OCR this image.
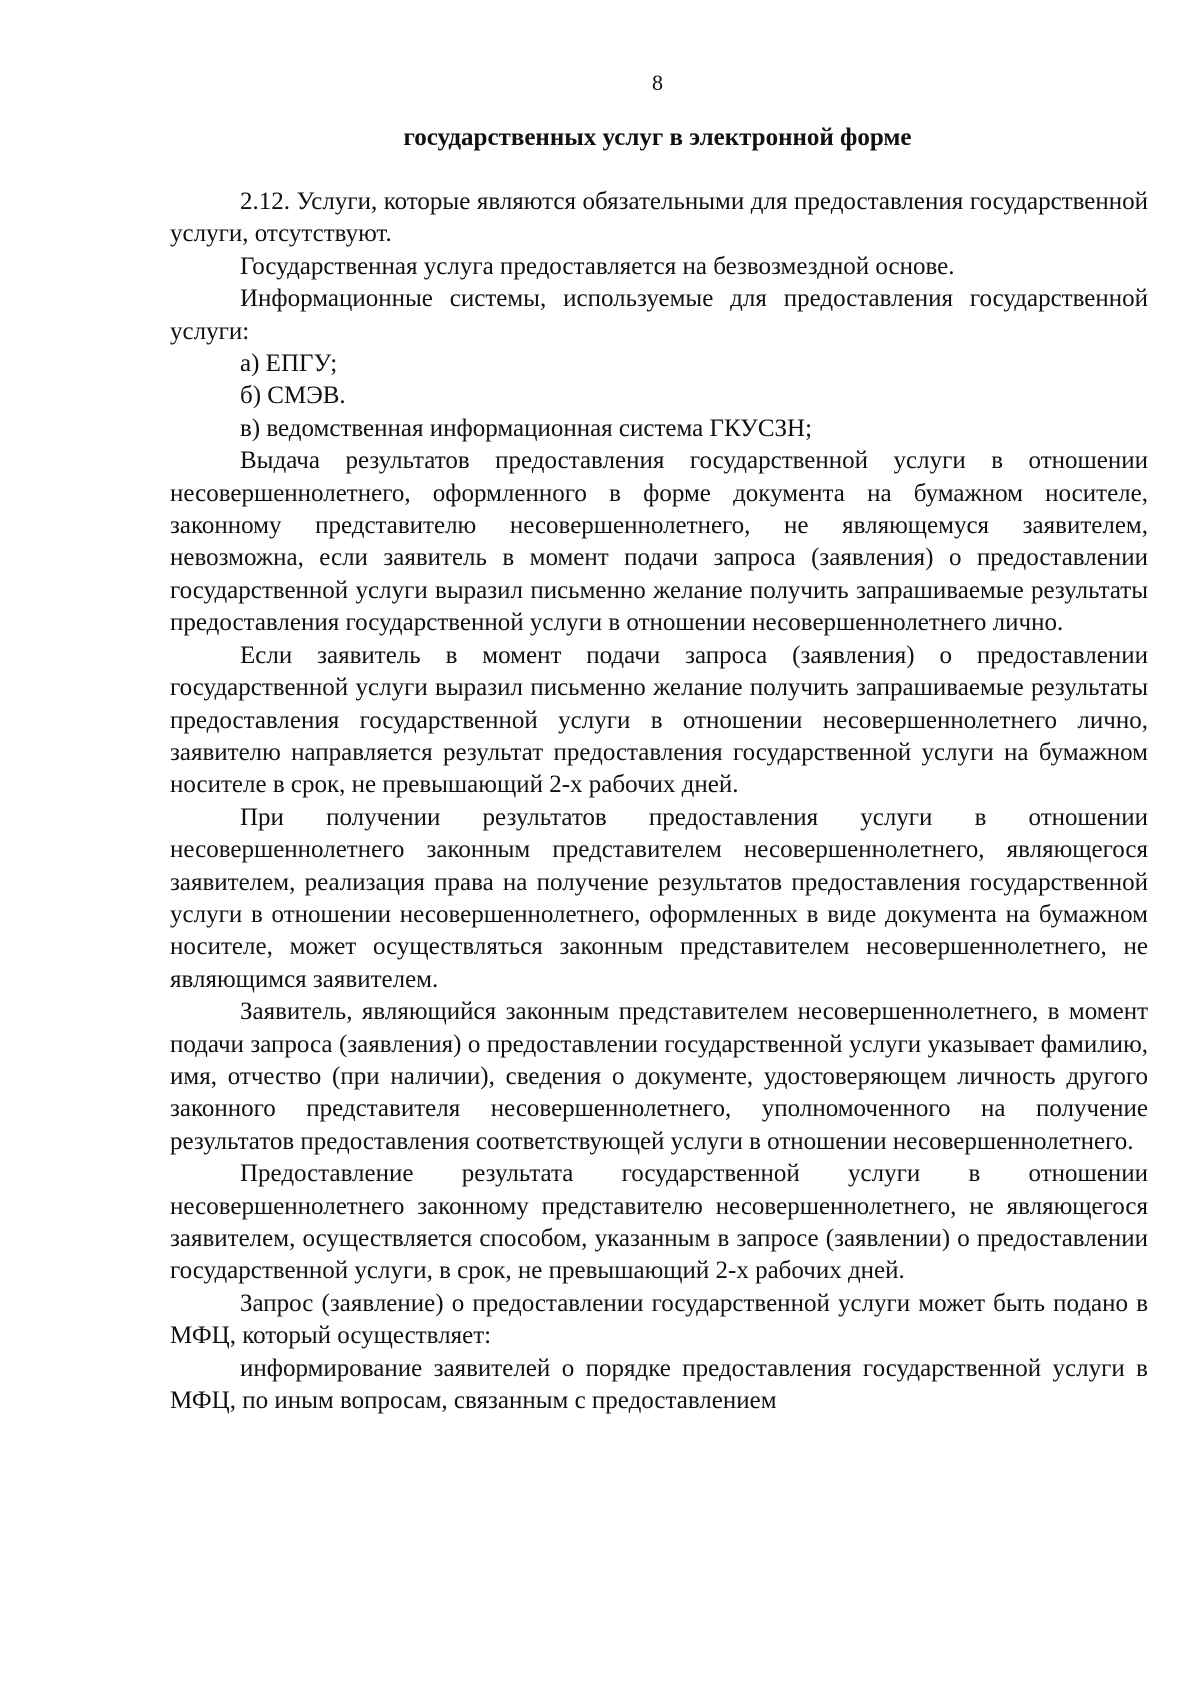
8
государственных услуг в электронной форме

2.12. Услуги, которые являются обязательными для предоставления государственной услуги, отсутствуют.

Государственная услуга предоставляется на безвозмездной основе.

Информационные системы, используемые для предоставления государственной услуги:

а) ЕПГУ;

б) СМЭВ.

в) ведомственная информационная система ГКУСЗН;

Выдача результатов предоставления государственной услуги в отношении несовершеннолетнего, оформленного в форме документа на бумажном носителе, законному представителю несовершеннолетнего, не являющемуся заявителем, невозможна, если заявитель в момент подачи запроса (заявления) о предоставлении государственной услуги выразил письменно желание получить запрашиваемые результаты предоставления государственной услуги в отношении несовершеннолетнего лично.

Если заявитель в момент подачи запроса (заявления) о предоставлении государственной услуги выразил письменно желание получить запрашиваемые результаты предоставления государственной услуги в отношении несовершеннолетнего лично, заявителю направляется результат предоставления государственной услуги на бумажном носителе в срок, не превышающий 2-х рабочих дней.

При получении результатов предоставления услуги в отношении несовершеннолетнего законным представителем несовершеннолетнего, являющегося заявителем, реализация права на получение результатов предоставления государственной услуги в отношении несовершеннолетнего, оформленных в виде документа на бумажном носителе, может осуществляться законным представителем несовершеннолетнего, не являющимся заявителем.

Заявитель, являющийся законным представителем несовершеннолетнего, в момент подачи запроса (заявления) о предоставлении государственной услуги указывает фамилию, имя, отчество (при наличии), сведения о документе, удостоверяющем личность другого законного представителя несовершеннолетнего, уполномоченного на получение результатов предоставления соответствующей услуги в отношении несовершеннолетнего.

Предоставление результата государственной услуги в отношении несовершеннолетнего законному представителю несовершеннолетнего, не являющегося заявителем, осуществляется способом, указанным в запросе (заявлении) о предоставлении государственной услуги, в срок, не превышающий 2-х рабочих дней.

Запрос (заявление) о предоставлении государственной услуги может быть подано в МФЦ, который осуществляет:

информирование заявителей о порядке предоставления государственной услуги в МФЦ, по иным вопросам, связанным с предоставлением
